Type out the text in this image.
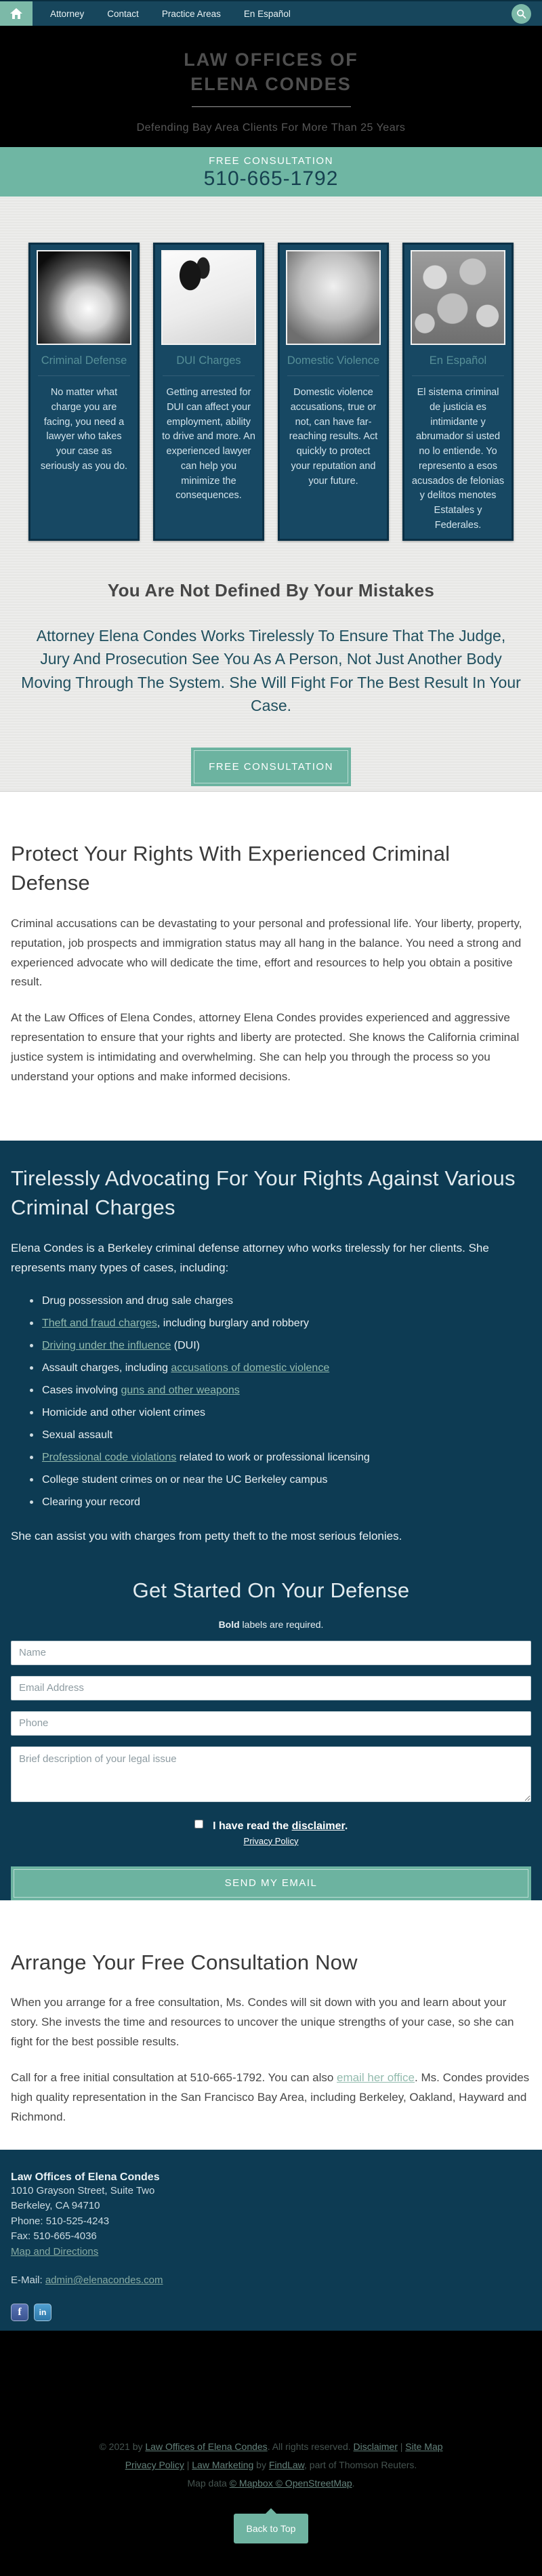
Attorney	Contact	Practice Areas	En Español
LAW OFFICES OF
ELENA CONDES
Defending Bay Area Clients For More Than 25 Years
FREE CONSULTATION
510-665-1792
Criminal Defense
No matter what charge you are facing, you need a lawyer who takes your case as seriously as you do.
DUI Charges
Getting arrested for DUI can affect your employment, ability to drive and more. An experienced lawyer can help you minimize the consequences.
Domestic Violence
Domestic violence accusations, true or not, can have far-reaching results. Act quickly to protect your reputation and your future.
En Español
El sistema criminal de justicia es intimidante y abrumador si usted no lo entiende. Yo represento a esos acusados de felonias y delitos menotes Estatales y Federales.
You Are Not Defined By Your Mistakes
Attorney Elena Condes Works Tirelessly To Ensure That The Judge, Jury And Prosecution See You As A Person, Not Just Another Body Moving Through The System. She Will Fight For The Best Result In Your Case.
FREE CONSULTATION
Protect Your Rights With Experienced Criminal Defense

Criminal accusations can be devastating to your personal and professional life. Your liberty, property, reputation, job prospects and immigration status may all hang in the balance. You need a strong and experienced advocate who will dedicate the time, effort and resources to help you obtain a positive result.

At the Law Offices of Elena Condes, attorney Elena Condes provides experienced and aggressive representation to ensure that your rights and liberty are protected. She knows the California criminal justice system is intimidating and overwhelming. She can help you through the process so you understand your options and make informed decisions.

Tirelessly Advocating For Your Rights Against Various Criminal Charges

Elena Condes is a Berkeley criminal defense attorney who works tirelessly for her clients. She represents many types of cases, including:

Drug possession and drug sale charges
Theft and fraud charges, including burglary and robbery
Driving under the influence (DUI)
Assault charges, including accusations of domestic violence
Cases involving guns and other weapons
Homicide and other violent crimes
Sexual assault
Professional code violations related to work or professional licensing
College student crimes on or near the UC Berkeley campus
Clearing your record

She can assist you with charges from petty theft to the most serious felonies.

Get Started On Your Defense
Bold labels are required.
Name
Email Address
Phone
Brief description of your legal issue
I have read the disclaimer.
Privacy Policy
SEND MY EMAIL
Arrange Your Free Consultation Now

When you arrange for a free consultation, Ms. Condes will sit down with you and learn about your story. She invests the time and resources to uncover the unique strengths of your case, so she can fight for the best possible results.

Call for a free initial consultation at 510-665-1792. You can also email her office. Ms. Condes provides high quality representation in the San Francisco Bay Area, including Berkeley, Oakland, Hayward and Richmond.

Law Offices of Elena Condes
1010 Grayson Street, Suite Two
Berkeley, CA 94710
Phone: 510-525-4243
Fax: 510-665-4036
Map and Directions
E-Mail: admin@elenacondes.com
f	in
© 2021 by Law Offices of Elena Condes. All rights reserved. Disclaimer | Site Map
Privacy Policy | Law Marketing by FindLaw, part of Thomson Reuters.
Map data © Mapbox © OpenStreetMap.
Back to Top
